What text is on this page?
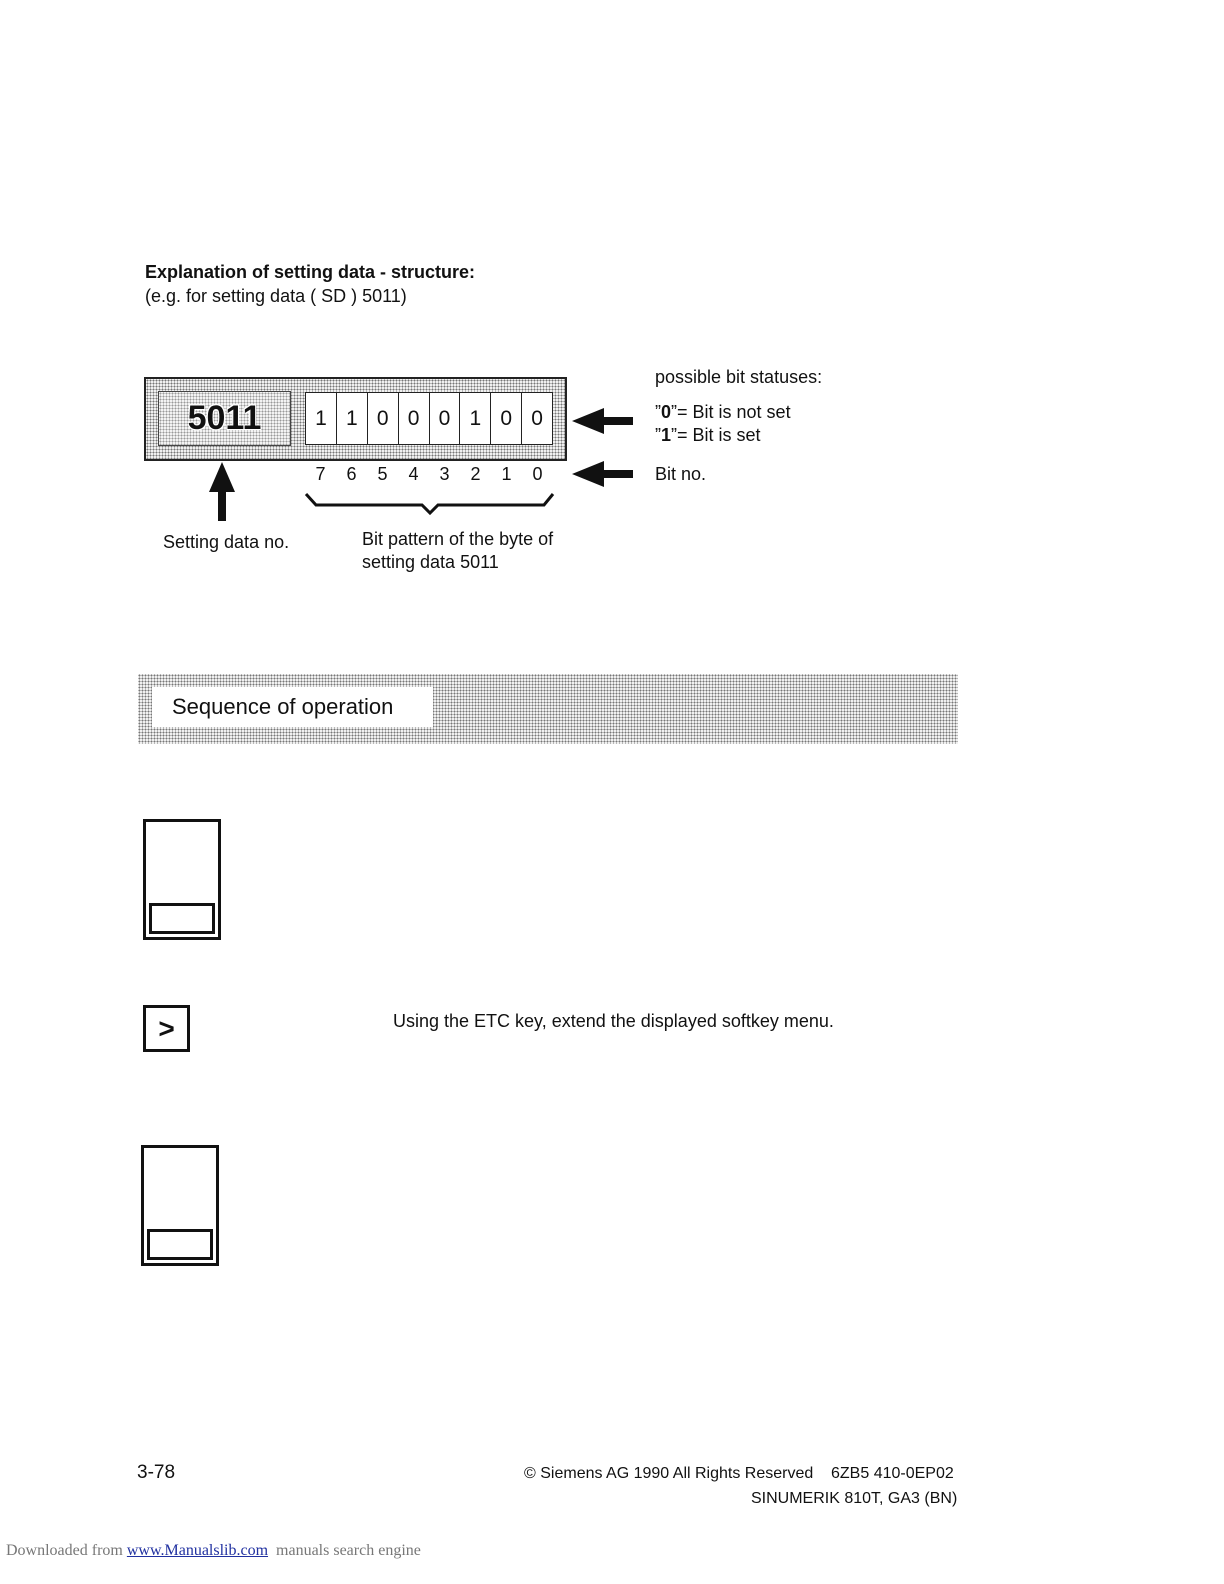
Explanation of setting data - structure:
(e.g. for setting data ( SD ) 5011)
5011	1 1 0 0 0 1 0 0
7	6	5	4	3	2	1	0
possible bit statuses:
”0”= Bit is not set
”1”= Bit is set
Bit no.
Setting data no.	Bit pattern of the byte of
setting data 5011
Sequence of operation
>	Using the ETC key, extend the displayed softkey menu.
3-78	© Siemens AG 1990 All Rights Reserved 6ZB5 410-0EP02
SINUMERIK 810T, GA3 (BN)
Downloaded from www.Manualslib.com  manuals search engine
